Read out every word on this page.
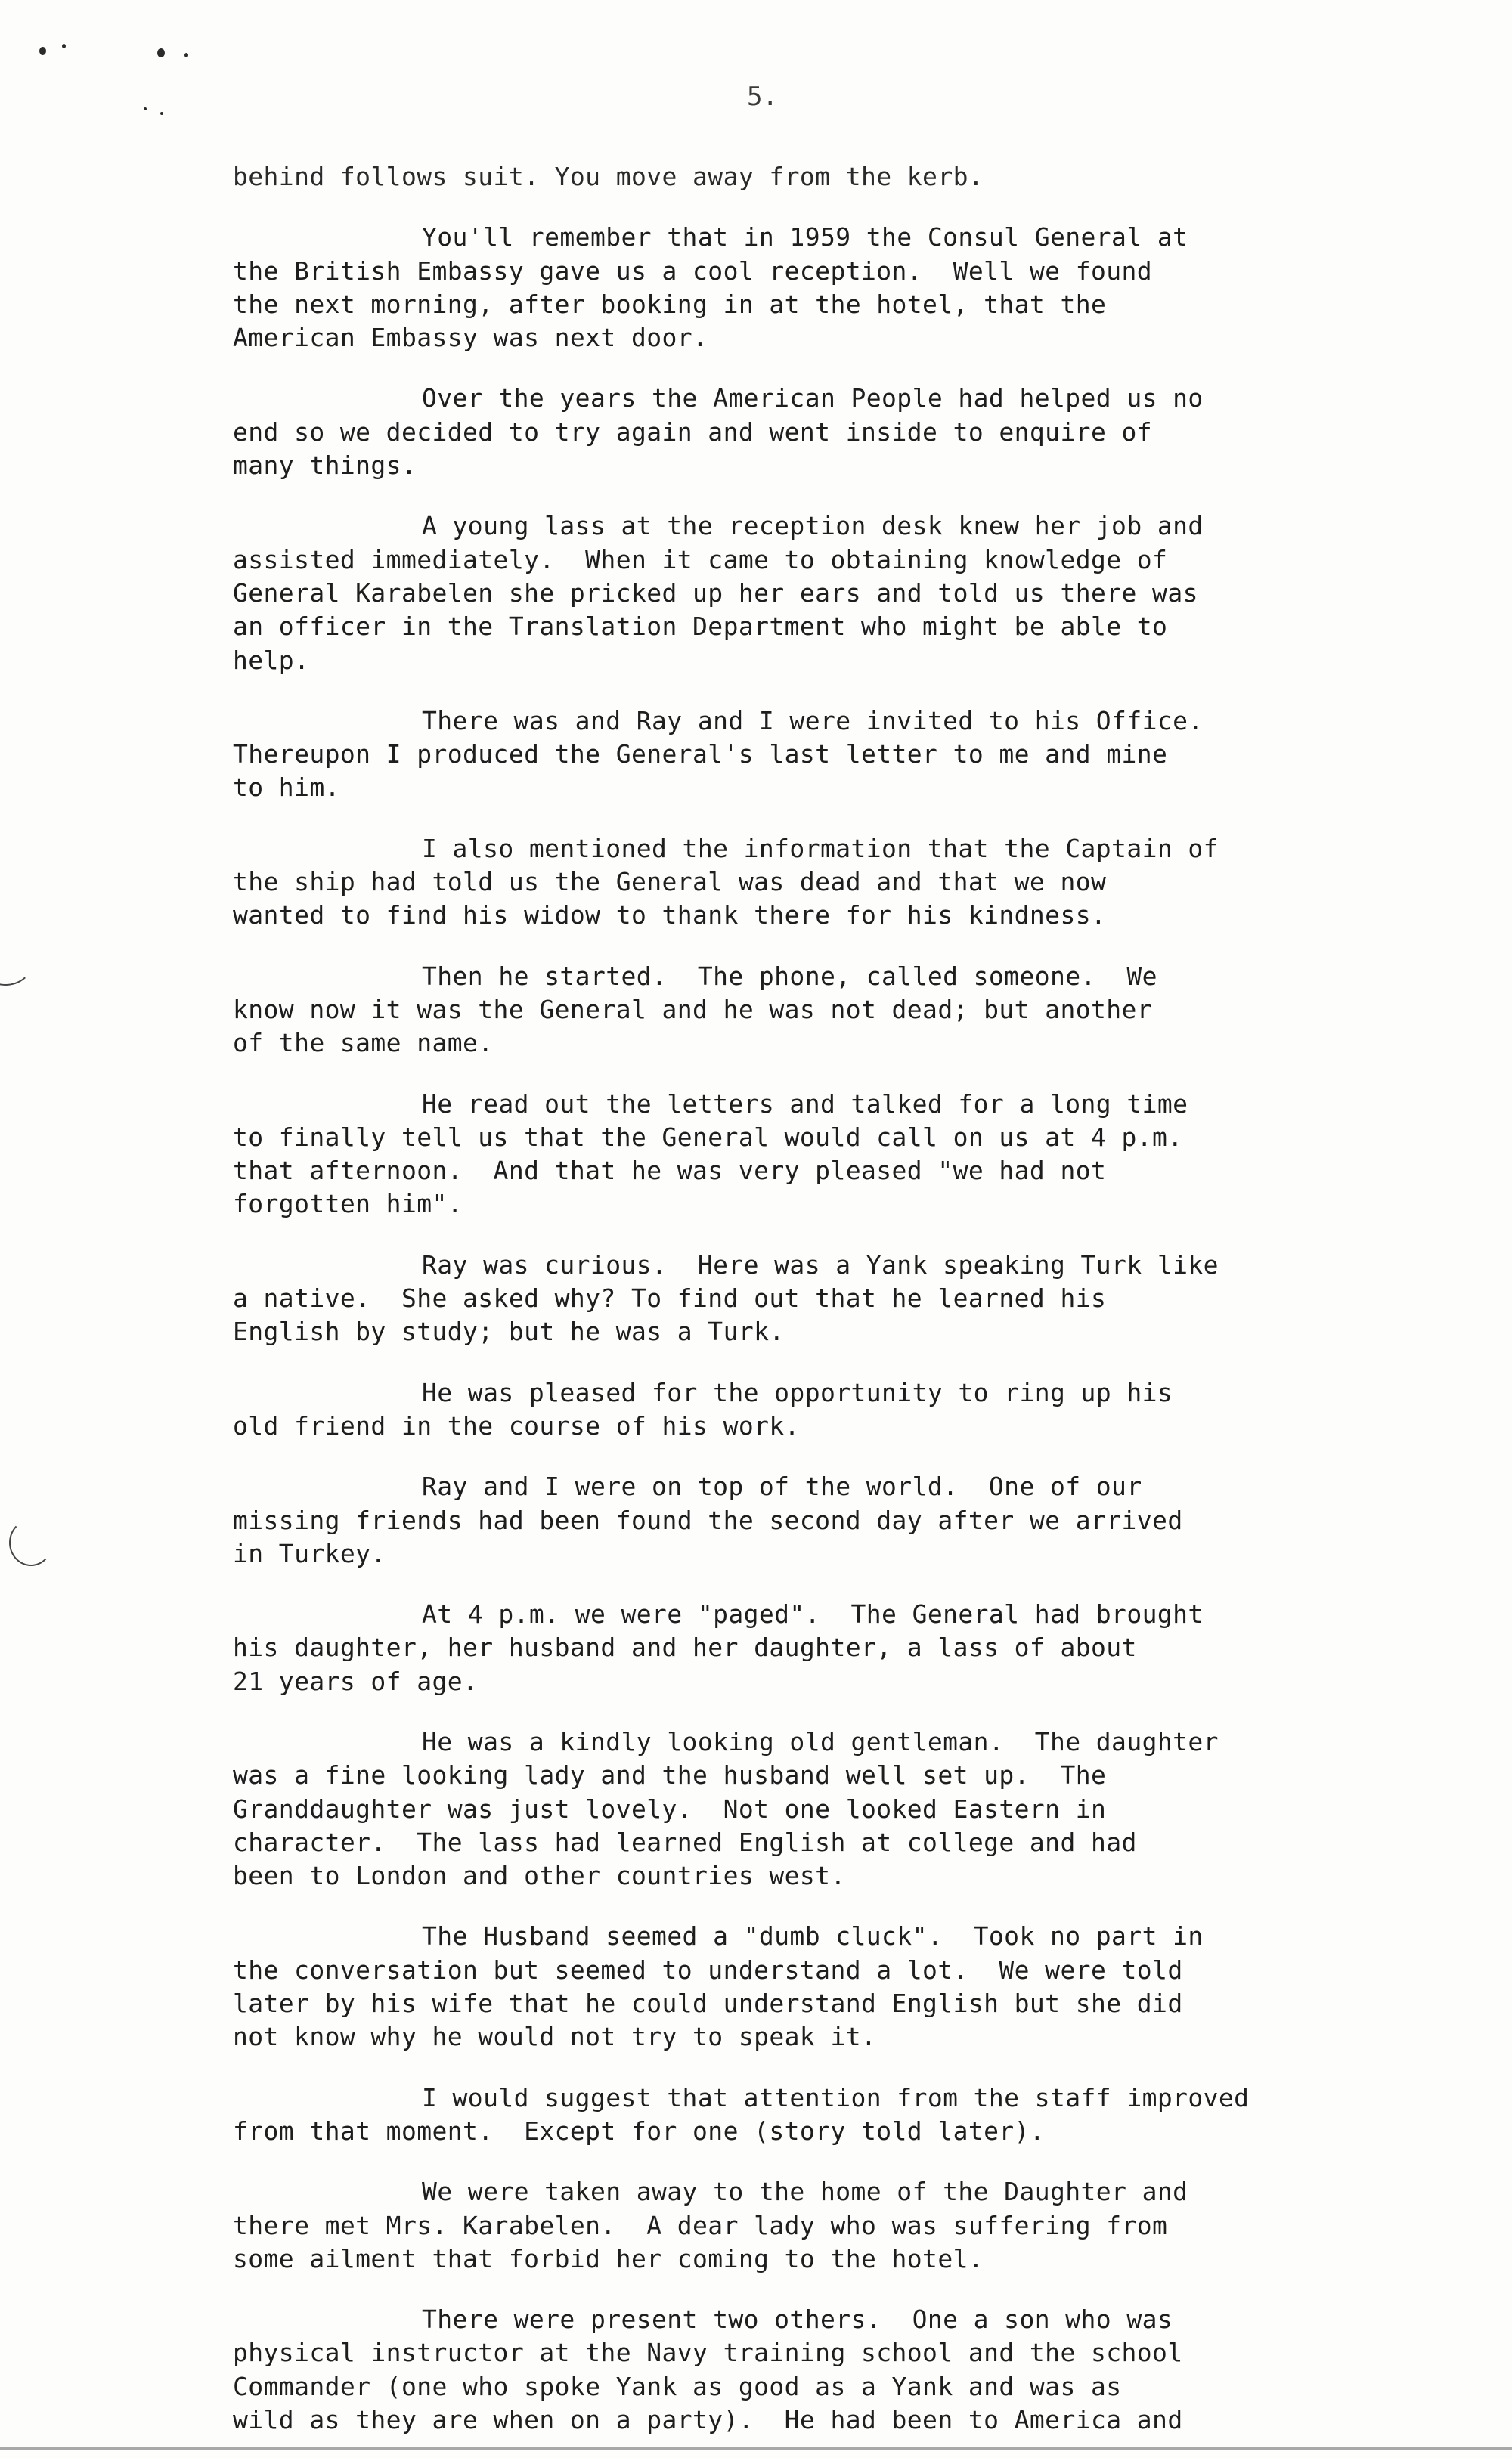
5.

behind follows suit. You move away from the kerb.

You'll remember that in 1959 the Consul General at
the British Embassy gave us a cool reception.  Well we found
the next morning, after booking in at the hotel, that the
American Embassy was next door.

Over the years the American People had helped us no
end so we decided to try again and went inside to enquire of
many things.

A young lass at the reception desk knew her job and
assisted immediately.  When it came to obtaining knowledge of
General Karabelen she pricked up her ears and told us there was
an officer in the Translation Department who might be able to
help.

There was and Ray and I were invited to his Office.
Thereupon I produced the General's last letter to me and mine
to him.

I also mentioned the information that the Captain of
the ship had told us the General was dead and that we now
wanted to find his widow to thank there for his kindness.

Then he started.  The phone, called someone.  We
know now it was the General and he was not dead; but another
of the same name.

He read out the letters and talked for a long time
to finally tell us that the General would call on us at 4 p.m.
that afternoon.  And that he was very pleased "we had not
forgotten him".

Ray was curious.  Here was a Yank speaking Turk like
a native.  She asked why? To find out that he learned his
English by study; but he was a Turk.

He was pleased for the opportunity to ring up his
old friend in the course of his work.

Ray and I were on top of the world.  One of our
missing friends had been found the second day after we arrived
in Turkey.

At 4 p.m. we were "paged".  The General had brought
his daughter, her husband and her daughter, a lass of about
21 years of age.

He was a kindly looking old gentleman.  The daughter
was a fine looking lady and the husband well set up.  The
Granddaughter was just lovely.  Not one looked Eastern in
character.  The lass had learned English at college and had
been to London and other countries west.

The Husband seemed a "dumb cluck".  Took no part in
the conversation but seemed to understand a lot.  We were told
later by his wife that he could understand English but she did
not know why he would not try to speak it.

I would suggest that attention from the staff improved
from that moment.  Except for one (story told later).

We were taken away to the home of the Daughter and
there met Mrs. Karabelen.  A dear lady who was suffering from
some ailment that forbid her coming to the hotel.

There were present two others.  One a son who was
physical instructor at the Navy training school and the school
Commander (one who spoke Yank as good as a Yank and was as
wild as they are when on a party).  He had been to America and
